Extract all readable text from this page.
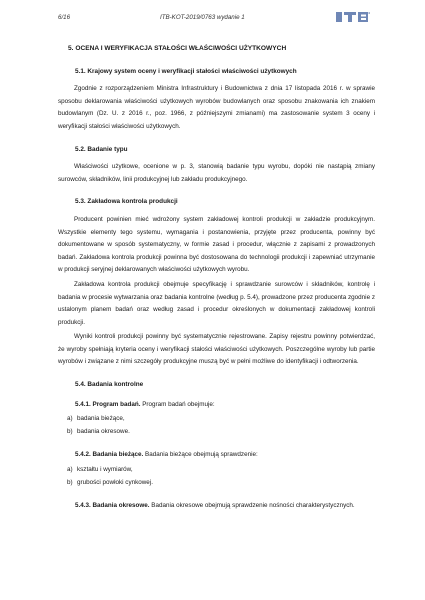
6/16	ITB-KOT-2019/0763 wydanie 1
5. OCENA I WERYFIKACJA STAŁOŚCI WŁAŚCIWOŚCI UŻYTKOWYCH
5.1. Krajowy system oceny i weryfikacji stałości właściwości użytkowych

Zgodnie z rozporządzeniem Ministra Infrastruktury i Budownictwa z dnia 17 listopada 2016 r. w sprawie sposobu deklarowania właściwości użytkowych wyrobów budowlanych oraz sposobu znakowania ich znakiem budowlanym (Dz. U. z 2016 r., poz. 1966, z późniejszymi zmianami) ma zastosowanie system 3 oceny i weryfikacji stałości właściwości użytkowych.

5.2. Badanie typu

Właściwości użytkowe, ocenione w p. 3, stanowią badanie typu wyrobu, dopóki nie nastąpią zmiany surowców, składników, linii produkcyjnej lub zakładu produkcyjnego.

5.3. Zakładowa kontrola produkcji

Producent powinien mieć wdrożony system zakładowej kontroli produkcji w zakładzie produkcyjnym. Wszystkie elementy tego systemu, wymagania i postanowienia, przyjęte przez producenta, powinny być dokumentowane w sposób systematyczny, w formie zasad i procedur, włącznie z zapisami z prowadzonych badań. Zakładowa kontrola produkcji powinna być dostosowana do technologii produkcji i zapewniać utrzymanie w produkcji seryjnej deklarowanych właściwości użytkowych wyrobu.

Zakładowa kontrola produkcji obejmuje specyfikację i sprawdzanie surowców i składników, kontrolę i badania w procesie wytwarzania oraz badania kontrolne (według p. 5.4), prowadzone przez producenta zgodnie z ustalonym planem badań oraz według zasad i procedur określonych w dokumentacji zakładowej kontroli produkcji.

Wyniki kontroli produkcji powinny być systematycznie rejestrowane. Zapisy rejestru powinny potwierdzać, że wyroby spełniają kryteria oceny i weryfikacji stałości właściwości użytkowych. Poszczególne wyroby lub partie wyrobów i związane z nimi szczegóły produkcyjne muszą być w pełni możliwe do identyfikacji i odtworzenia.

5.4. Badania kontrolne
5.4.1. Program badań. Program badań obejmuje:
a) badania bieżące,
b) badania okresowe.
5.4.2. Badania bieżące. Badania bieżące obejmują sprawdzenie:
a) kształtu i wymiarów,
b) grubości powłoki cynkowej.
5.4.3. Badania okresowe. Badania okresowe obejmują sprawdzenie nośności charakterystycznych.
